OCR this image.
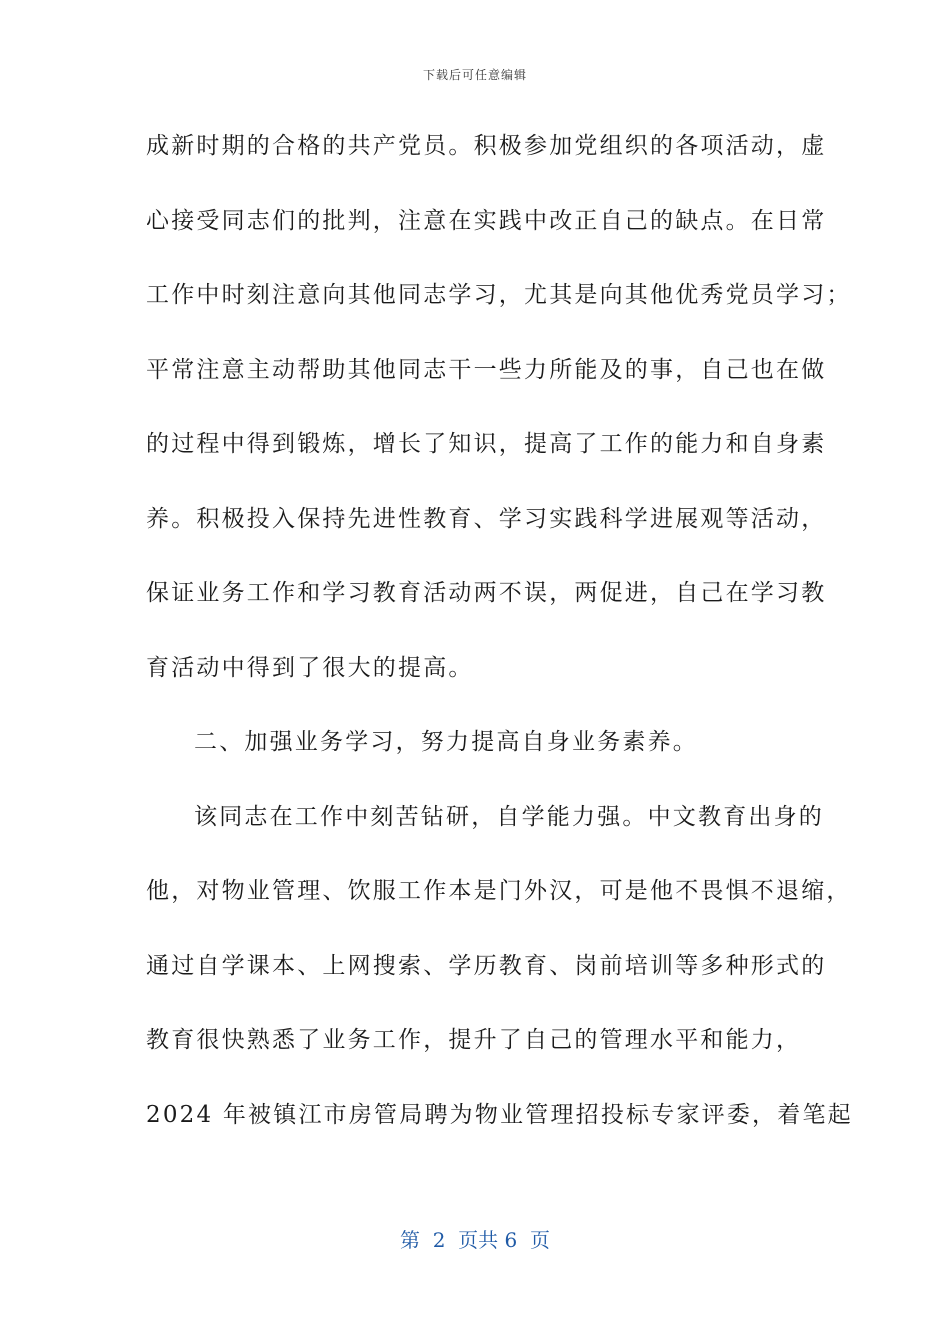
下载后可任意编辑
成新时期的合格的共产党员。积极参加党组织的各项活动，虚
心接受同志们的批判，注意在实践中改正自己的缺点。在日常
工作中时刻注意向其他同志学习，尤其是向其他优秀党员学习；
平常注意主动帮助其他同志干一些力所能及的事，自己也在做
的过程中得到锻炼，增长了知识，提高了工作的能力和自身素
养。积极投入保持先进性教育、学习实践科学进展观等活动，
保证业务工作和学习教育活动两不误，两促进，自己在学习教
育活动中得到了很大的提高。
二、加强业务学习，努力提高自身业务素养。
该同志在工作中刻苦钻研，自学能力强。中文教育出身的
他，对物业管理、饮服工作本是门外汉，可是他不畏惧不退缩，
通过自学课本、上网搜索、学历教育、岗前培训等多种形式的
教育很快熟悉了业务工作，提升了自己的管理水平和能力，
2024 年被镇江市房管局聘为物业管理招投标专家评委，着笔起
第  2  页共 6  页
